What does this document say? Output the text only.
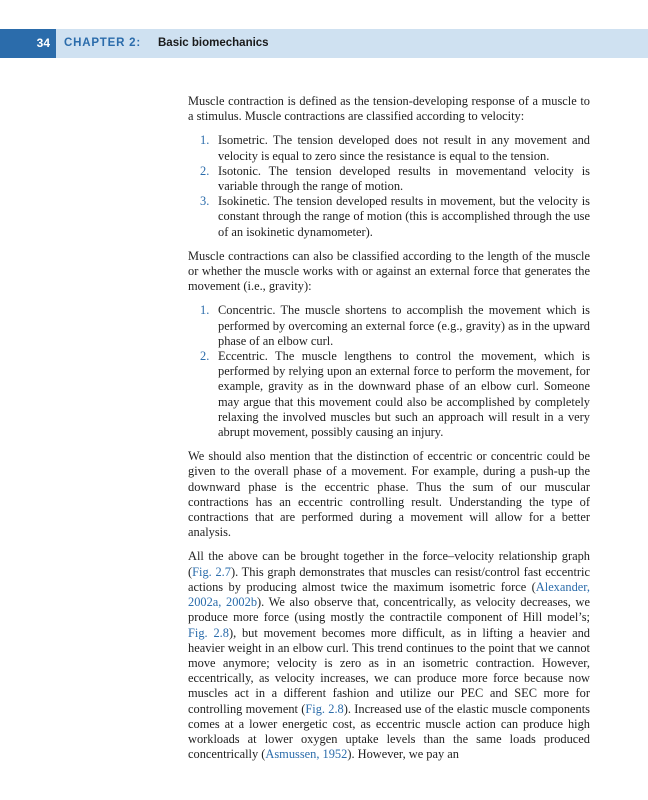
34	CHAPTER 2: Basic biomechanics

Muscle contraction is defined as the tension-developing response of a muscle to a stimulus. Muscle contractions are classified according to velocity:

1. Isometric. The tension developed does not result in any movement and velocity is equal to zero since the resistance is equal to the tension.
2. Isotonic. The tension developed results in movementand velocity is variable through the range of motion.
3. Isokinetic. The tension developed results in movement, but the velocity is constant through the range of motion (this is accomplished through the use of an isokinetic dynamometer).

Muscle contractions can also be classified according to the length of the muscle or whether the muscle works with or against an external force that generates the movement (i.e., gravity):

1. Concentric. The muscle shortens to accomplish the movement which is performed by overcoming an external force (e.g., gravity) as in the upward phase of an elbow curl.
2. Eccentric. The muscle lengthens to control the movement, which is performed by relying upon an external force to perform the movement, for example, gravity as in the downward phase of an elbow curl. Someone may argue that this movement could also be accomplished by completely relaxing the involved muscles but such an approach will result in a very abrupt movement, possibly causing an injury.

We should also mention that the distinction of eccentric or concentric could be given to the overall phase of a movement. For example, during a push-up the downward phase is the eccentric phase. Thus the sum of our muscular contractions has an eccentric controlling result. Understanding the type of contractions that are performed during a movement will allow for a better analysis.

All the above can be brought together in the force–velocity relationship graph (Fig. 2.7). This graph demonstrates that muscles can resist/control fast eccentric actions by producing almost twice the maximum isometric force (Alexander, 2002a, 2002b). We also observe that, concentrically, as velocity decreases, we produce more force (using mostly the contractile component of Hill model’s; Fig. 2.8), but movement becomes more difficult, as in lifting a heavier and heavier weight in an elbow curl. This trend continues to the point that we cannot move anymore; velocity is zero as in an isometric contraction. However, eccentrically, as velocity increases, we can produce more force because now muscles act in a different fashion and utilize our PEC and SEC more for controlling movement (Fig. 2.8). Increased use of the elastic muscle components comes at a lower energetic cost, as eccentric muscle action can produce high workloads at lower oxygen uptake levels than the same loads produced concentrically (Asmussen, 1952). However, we pay an
